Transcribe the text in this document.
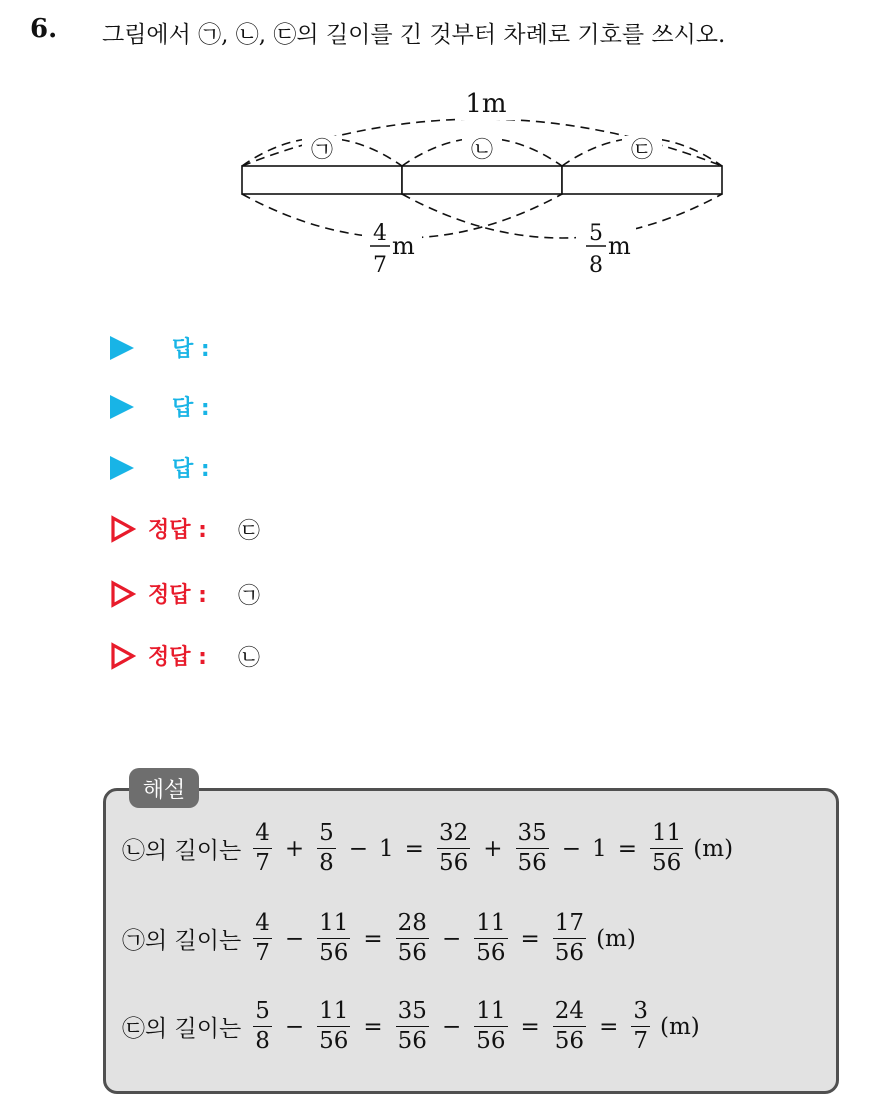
6. 그림에서 ㉠, ㉡, ㉢의 길이를 긴 것부터 차례로 기호를 쓰시오.
1m
㉠	㉡	㉢
4
7
m	5
8
m
답 :
답 :
답 :
정답 : ㉢
정답 : ㉠
정답 : ㉡
해설
㉡의 길이는 $\frac{4}{7} + \frac{5}{8} - 1 = \frac{32}{56} + \frac{35}{56} - 1 = \frac{11}{56} (m)$
㉠의 길이는 $\frac{4}{7} - \frac{11}{56} = \frac{28}{56} - \frac{11}{56} = \frac{17}{56} (m)$
㉢의 길이는 $\frac{5}{8} - \frac{11}{56} = \frac{35}{56} - \frac{11}{56} = \frac{24}{56} = \frac{3}{7} (m)$
